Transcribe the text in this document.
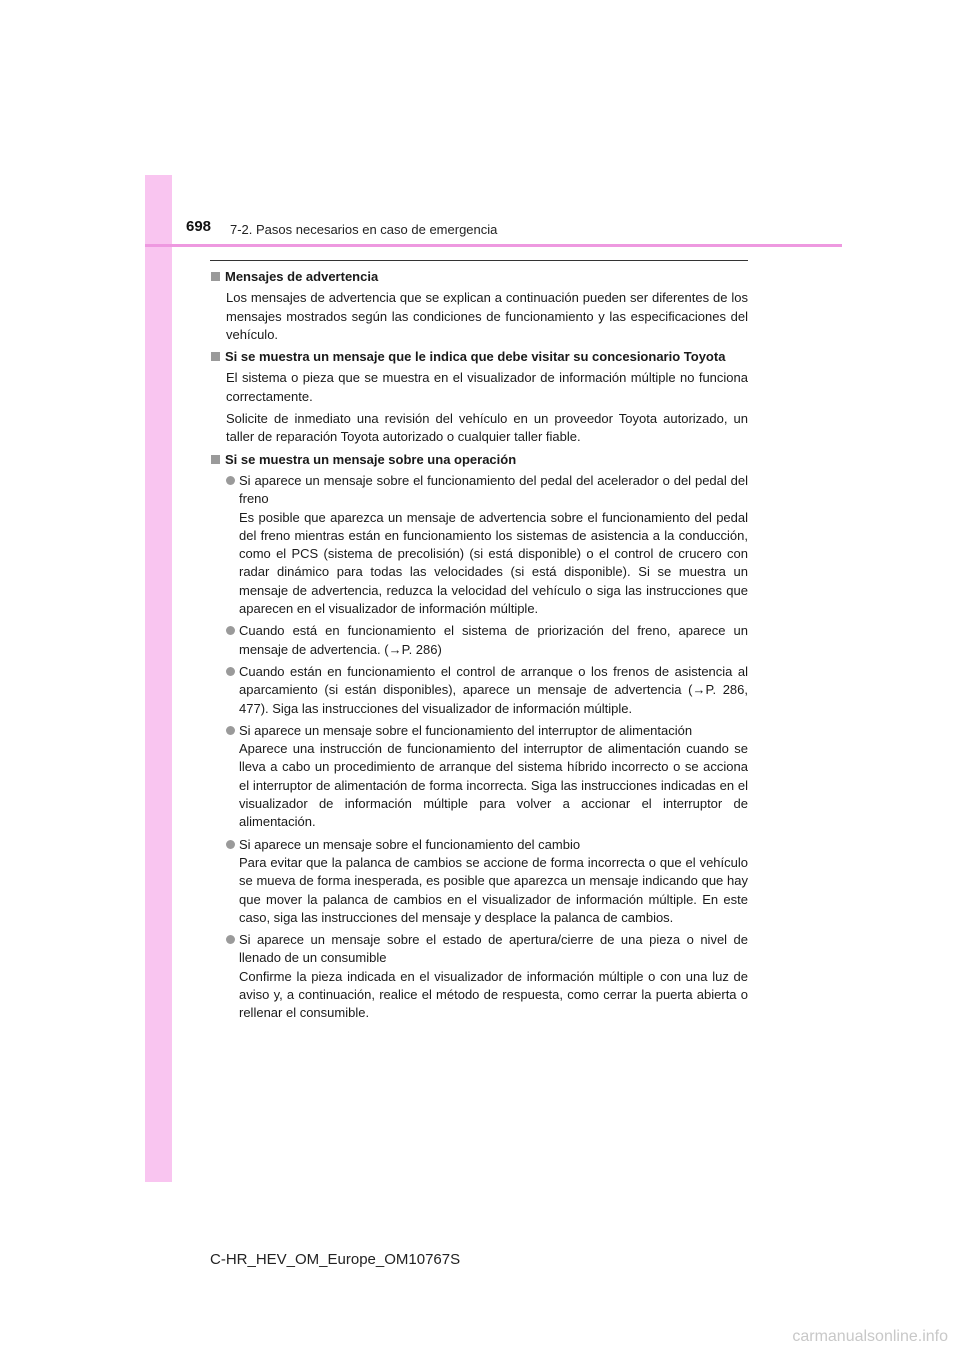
698 7-2. Pasos necesarios en caso de emergencia
Mensajes de advertencia
Los mensajes de advertencia que se explican a continuación pueden ser diferentes de los mensajes mostrados según las condiciones de funcionamiento y las especificaciones del vehículo.
Si se muestra un mensaje que le indica que debe visitar su concesionario Toyota
El sistema o pieza que se muestra en el visualizador de información múltiple no funciona correctamente.
Solicite de inmediato una revisión del vehículo en un proveedor Toyota autorizado, un taller de reparación Toyota autorizado o cualquier taller fiable.
Si se muestra un mensaje sobre una operación
Si aparece un mensaje sobre el funcionamiento del pedal del acelerador o del pedal del freno
Es posible que aparezca un mensaje de advertencia sobre el funcionamiento del pedal del freno mientras están en funcionamiento los sistemas de asistencia a la conducción, como el PCS (sistema de precolisión) (si está disponible) o el control de crucero con radar dinámico para todas las velocidades (si está disponible). Si se muestra un mensaje de advertencia, reduzca la velocidad del vehículo o siga las instrucciones que aparecen en el visualizador de información múltiple.
Cuando está en funcionamiento el sistema de priorización del freno, aparece un mensaje de advertencia. (→P. 286)
Cuando están en funcionamiento el control de arranque o los frenos de asistencia al aparcamiento (si están disponibles), aparece un mensaje de advertencia (→P. 286, 477). Siga las instrucciones del visualizador de información múltiple.
Si aparece un mensaje sobre el funcionamiento del interruptor de alimentación
Aparece una instrucción de funcionamiento del interruptor de alimentación cuando se lleva a cabo un procedimiento de arranque del sistema híbrido incorrecto o se acciona el interruptor de alimentación de forma incorrecta. Siga las instrucciones indicadas en el visualizador de información múltiple para volver a accionar el interruptor de alimentación.
Si aparece un mensaje sobre el funcionamiento del cambio
Para evitar que la palanca de cambios se accione de forma incorrecta o que el vehículo se mueva de forma inesperada, es posible que aparezca un mensaje indicando que hay que mover la palanca de cambios en el visualizador de información múltiple. En este caso, siga las instrucciones del mensaje y desplace la palanca de cambios.
Si aparece un mensaje sobre el estado de apertura/cierre de una pieza o nivel de llenado de un consumible
Confirme la pieza indicada en el visualizador de información múltiple o con una luz de aviso y, a continuación, realice el método de respuesta, como cerrar la puerta abierta o rellenar el consumible.
C-HR_HEV_OM_Europe_OM10767S
carmanualsonline.info
